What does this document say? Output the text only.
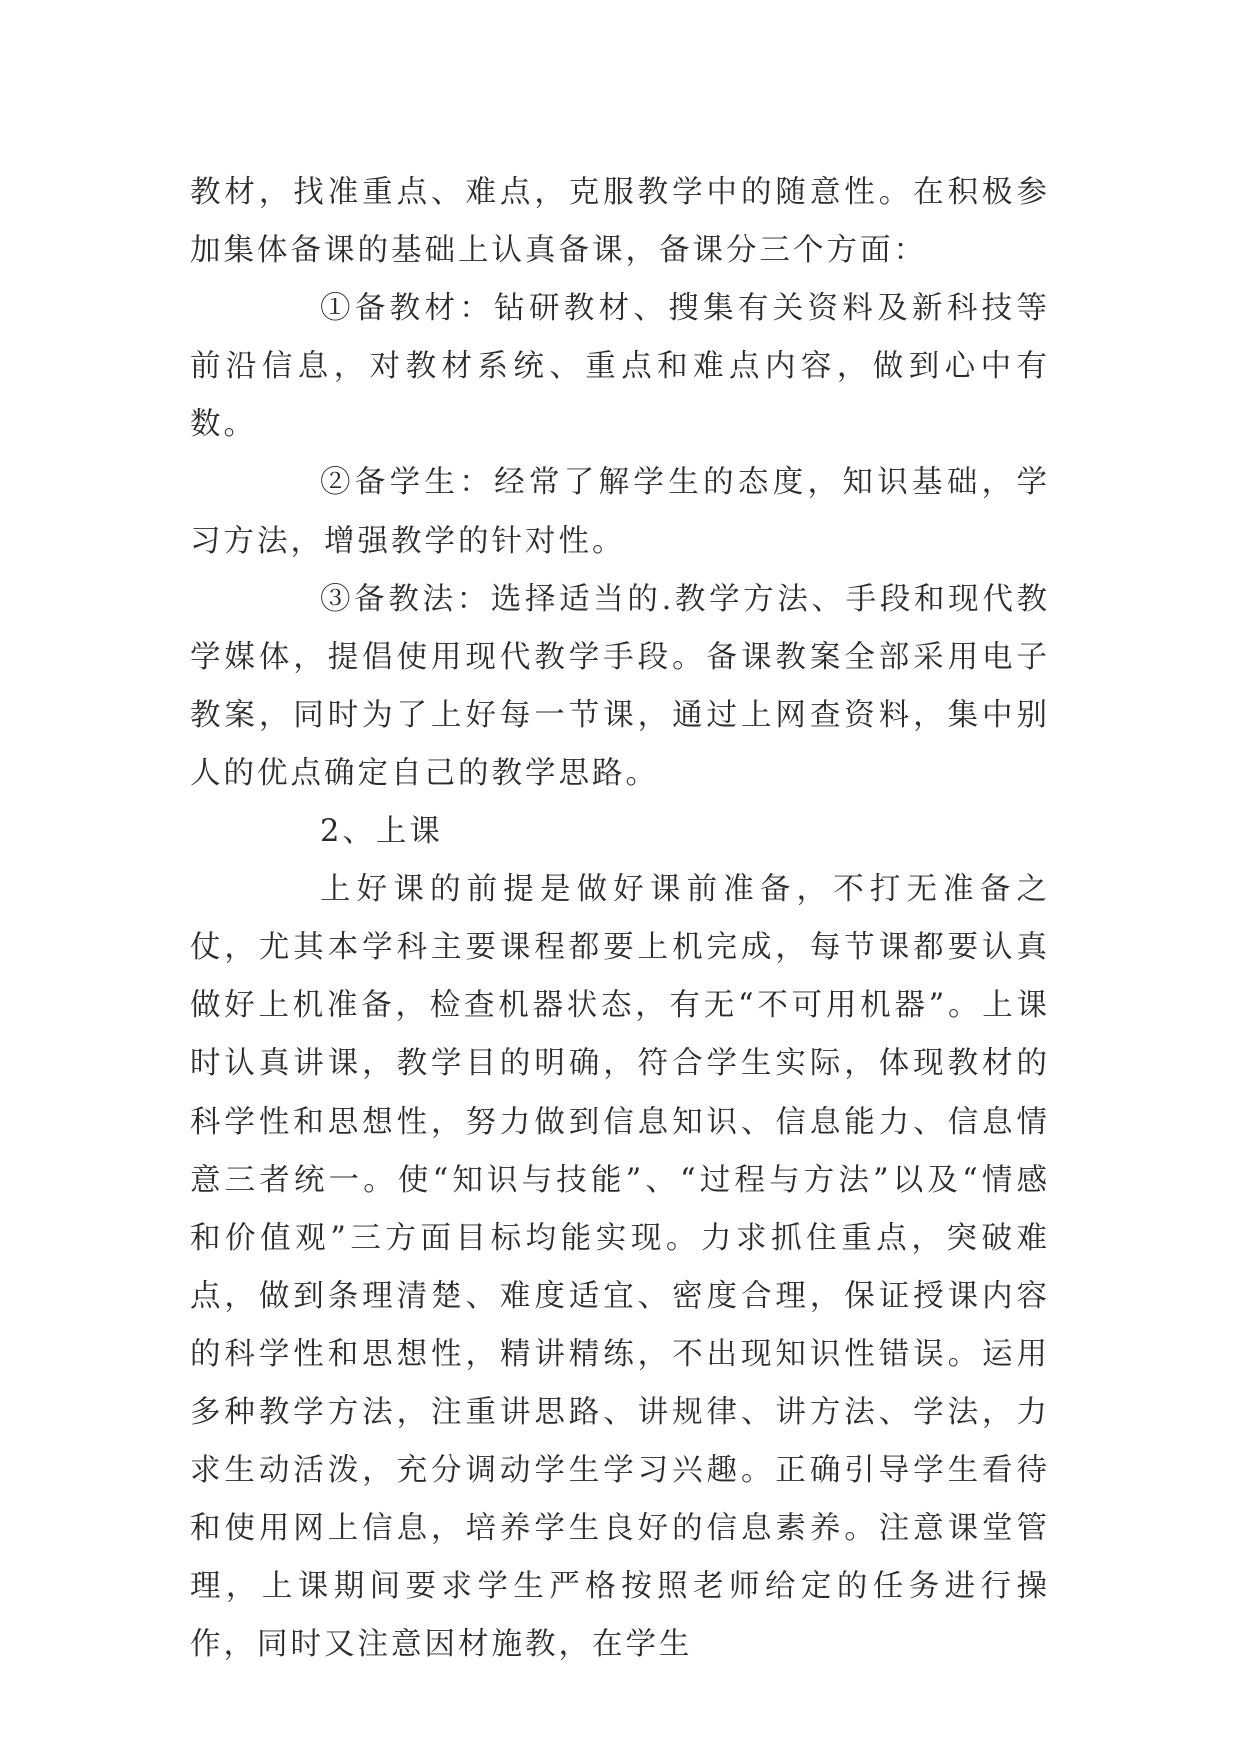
教材，找准重点、难点，克服教学中的随意性。在积极参加集体备课的基础上认真备课，备课分三个方面：

①备教材：钻研教材、搜集有关资料及新科技等前沿信息，对教材系统、重点和难点内容，做到心中有数。

②备学生：经常了解学生的态度，知识基础，学习方法，增强教学的针对性。

③备教法：选择适当的.教学方法、手段和现代教学媒体，提倡使用现代教学手段。备课教案全部采用电子教案，同时为了上好每一节课，通过上网查资料，集中别人的优点确定自己的教学思路。

2、上课

上好课的前提是做好课前准备，不打无准备之仗，尤其本学科主要课程都要上机完成，每节课都要认真做好上机准备，检查机器状态，有无“不可用机器”。上课时认真讲课，教学目的明确，符合学生实际，体现教材的科学性和思想性，努力做到信息知识、信息能力、信息情意三者统一。使“知识与技能”、“过程与方法”以及“情感和价值观”三方面目标均能实现。力求抓住重点，突破难点，做到条理清楚、难度适宜、密度合理，保证授课内容的科学性和思想性，精讲精练，不出现知识性错误。运用多种教学方法，注重讲思路、讲规律、讲方法、学法，力求生动活泼，充分调动学生学习兴趣。正确引导学生看待和使用网上信息，培养学生良好的信息素养。注意课堂管理，上课期间要求学生严格按照老师给定的任务进行操作，同时又注意因材施教，在学生
